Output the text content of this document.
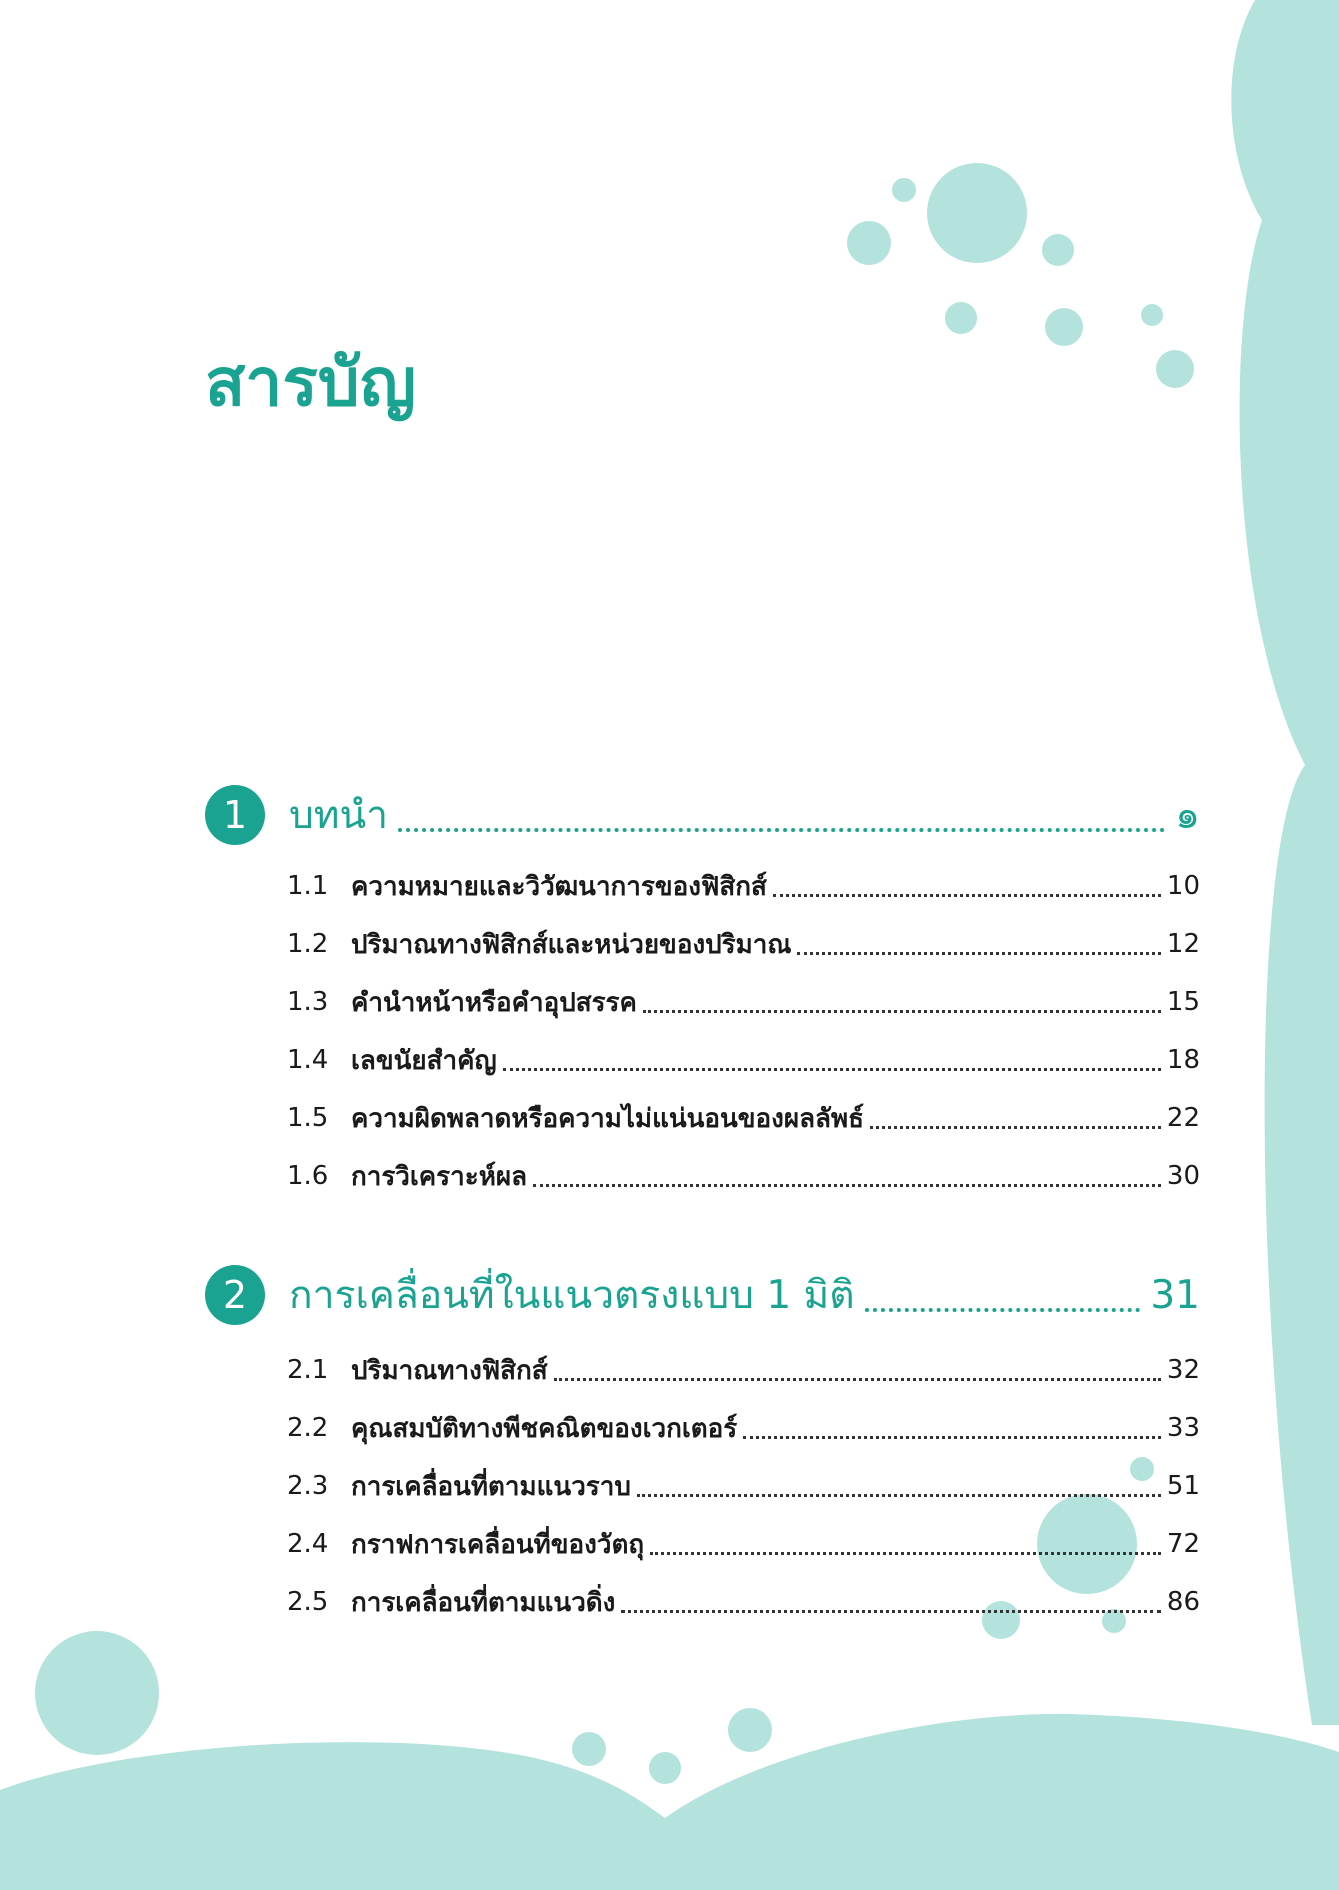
สารบัญ
1	บทนำ	๑
1.1 ความหมายและวิวัฒนาการของฟิสิกส์	10
1.2 ปริมาณทางฟิสิกส์และหน่วยของปริมาณ	12
1.3 คำนำหน้าหรือคำอุปสรรค	15
1.4 เลขนัยสำคัญ	18
1.5 ความผิดพลาดหรือความไม่แน่นอนของผลลัพธ์	22
1.6 การวิเคราะห์ผล	30
2	การเคลื่อนที่ในแนวตรงแบบ 1 มิติ	31
2.1 ปริมาณทางฟิสิกส์	32
2.2 คุณสมบัติทางพีชคณิตของเวกเตอร์	33
2.3 การเคลื่อนที่ตามแนวราบ	51
2.4 กราฟการเคลื่อนที่ของวัตถุ	72
2.5 การเคลื่อนที่ตามแนวดิ่ง	86
